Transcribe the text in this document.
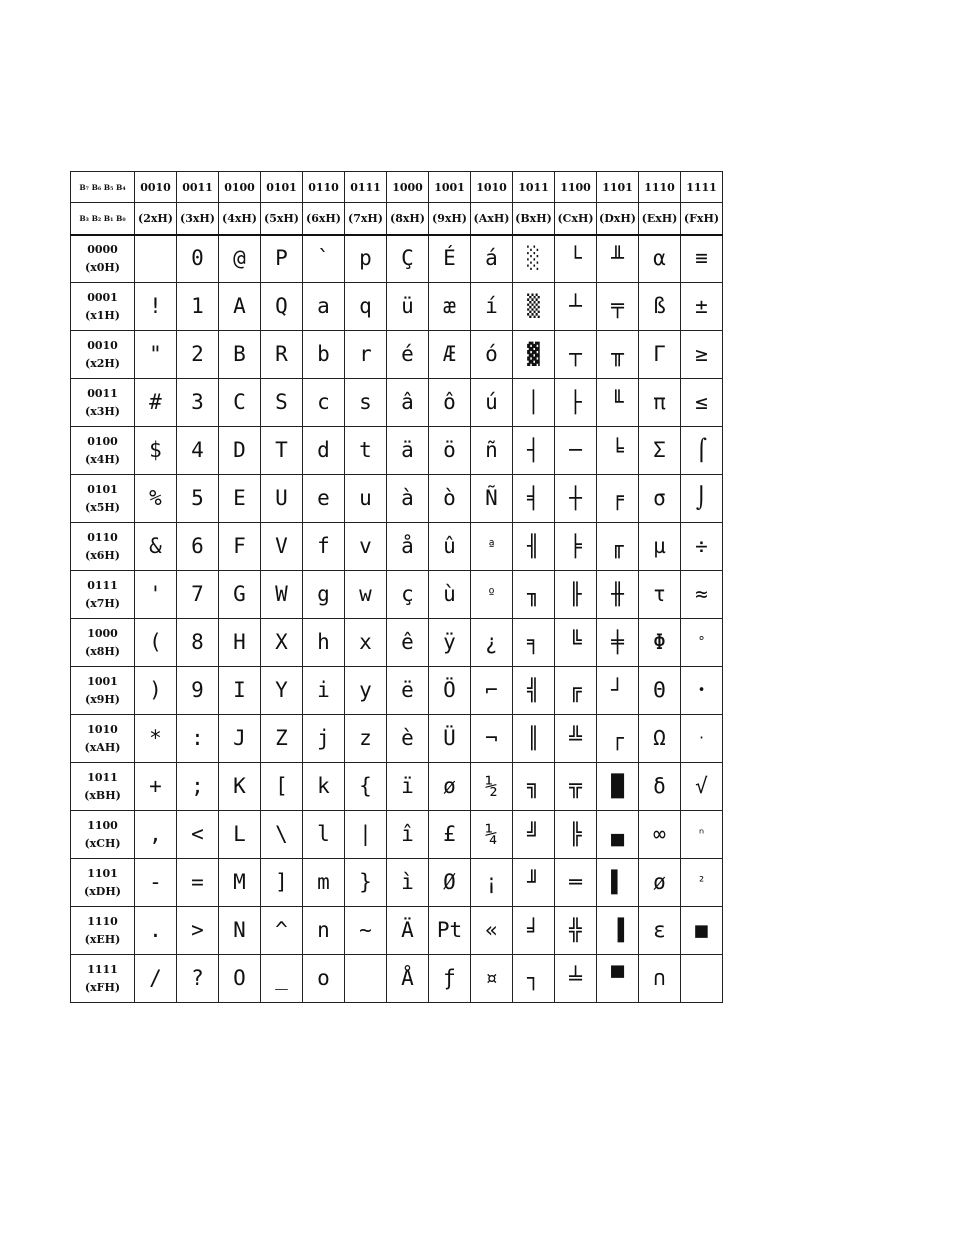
B₇ B₆ B₅ B₄	0010	0011	0100	0101	0110	0111	1000	1001	1010	1011	1100	1101	1110	1111
B₃ B₂ B₁ B₀	(2xH)	(3xH)	(4xH)	(5xH)	(6xH)	(7xH)	(8xH)	(9xH)	(AxH)	(BxH)	(CxH)	(DxH)	(ExH)	(FxH)

0000
(x0H)		0	@	P	`	p	Ç	É	á	░	└	╨	α	≡

0001
(x1H)	!	1	A	Q	a	q	ü	æ	í	▒	┴	╤	ß	±

0010
(x2H)	"	2	B	R	b	r	é	Æ	ó	▓	┬	╥	Γ	≥

0011
(x3H)	#	3	C	S	c	s	â	ô	ú	│	├	╙	π	≤

0100
(x4H)	$	4	D	T	d	t	ä	ö	ñ	┤	─	╘	Σ	⌠

0101
(x5H)	%	5	E	U	e	u	à	ò	Ñ	╡	┼	╒	σ	⌡

0110
(x6H)	&	6	F	V	f	v	å	û	ª	╢	╞	╓	µ	÷

0111
(x7H)	'	7	G	W	g	w	ç	ù	º	╖	╟	╫	τ	≈

1000
(x8H)	(	8	H	X	h	x	ê	ÿ	¿	╕	╚	╪	Φ	°

1001
(x9H)	)	9	I	Y	i	y	ë	Ö	⌐	╣	╔	┘	Θ	•

1010
(xAH)	*	:	J	Z	j	z	è	Ü	¬	║	╩	┌	Ω	·

1011
(xBH)	+	;	K	[	k	{	ï	ø	½	╗	╦	█	δ	√

1100
(xCH)	,	<	L	\	l	|	î	£	¼	╝	╠	▄	∞	ⁿ

1101
(xDH)	-	=	M	]	m	}	ì	Ø	¡	╜	═	▌	ø	²

1110
(xEH)	.	>	N	^	n	~	Ä	Pt	«	╛	╬	▐	ε	■

1111
(xFH)	/	?	O	_	o		Å	ƒ	¤	┐	╧	▀	∩	
